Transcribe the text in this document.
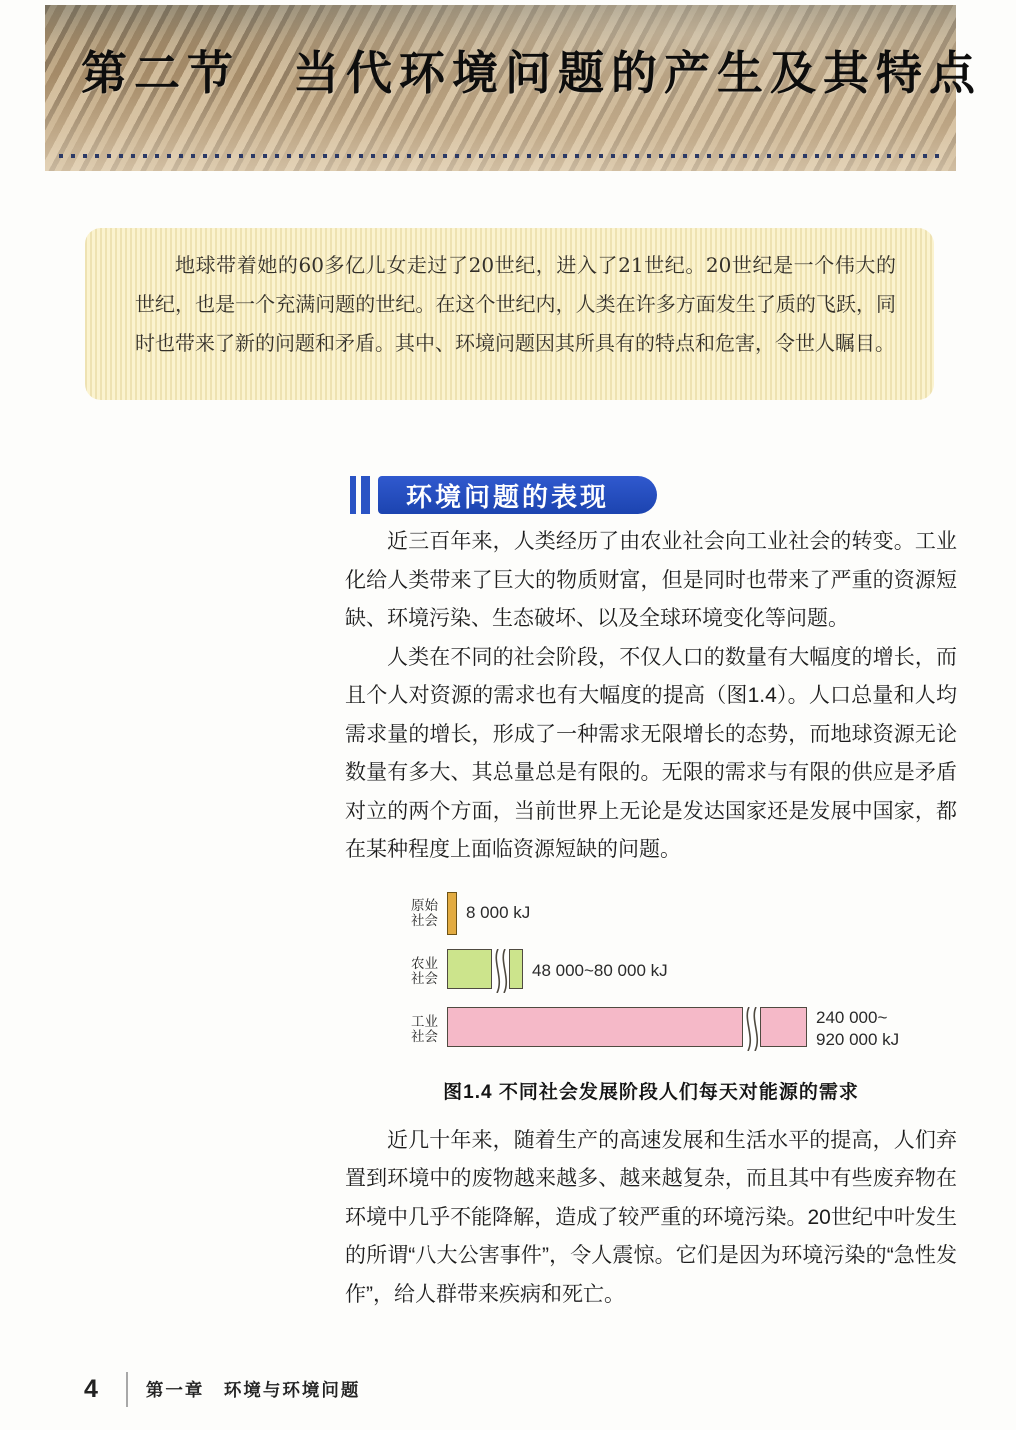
第二节　当代环境问题的产生及其特点

地球带着她的60多亿儿女走过了20世纪，进入了21世纪。20世纪是一个伟大的世纪，也是一个充满问题的世纪。在这个世纪内，人类在许多方面发生了质的飞跃，同时也带来了新的问题和矛盾。其中、环境问题因其所具有的特点和危害，令世人瞩目。

环境问题的表现

近三百年来，人类经历了由农业社会向工业社会的转变。工业化给人类带来了巨大的物质财富，但是同时也带来了严重的资源短缺、环境污染、生态破坏、以及全球环境变化等问题。

人类在不同的社会阶段，不仅人口的数量有大幅度的增长，而且个人对资源的需求也有大幅度的提高（图1.4）。人口总量和人均需求量的增长，形成了一种需求无限增长的态势，而地球资源无论数量有多大、其总量总是有限的。无限的需求与有限的供应是矛盾对立的两个方面，当前世界上无论是发达国家还是发展中国家，都在某种程度上面临资源短缺的问题。

原始社会 8 000 kJ
农业社会	48 000~80 000 kJ
工业社会
240 000~
920 000 kJ
图1.4 不同社会发展阶段人们每天对能源的需求

近几十年来，随着生产的高速发展和生活水平的提高，人们弃置到环境中的废物越来越多、越来越复杂，而且其中有些废弃物在环境中几乎不能降解，造成了较严重的环境污染。20世纪中叶发生的所谓“八大公害事件”，令人震惊。它们是因为环境污染的“急性发作”，给人群带来疾病和死亡。

4	第一章　环境与环境问题
